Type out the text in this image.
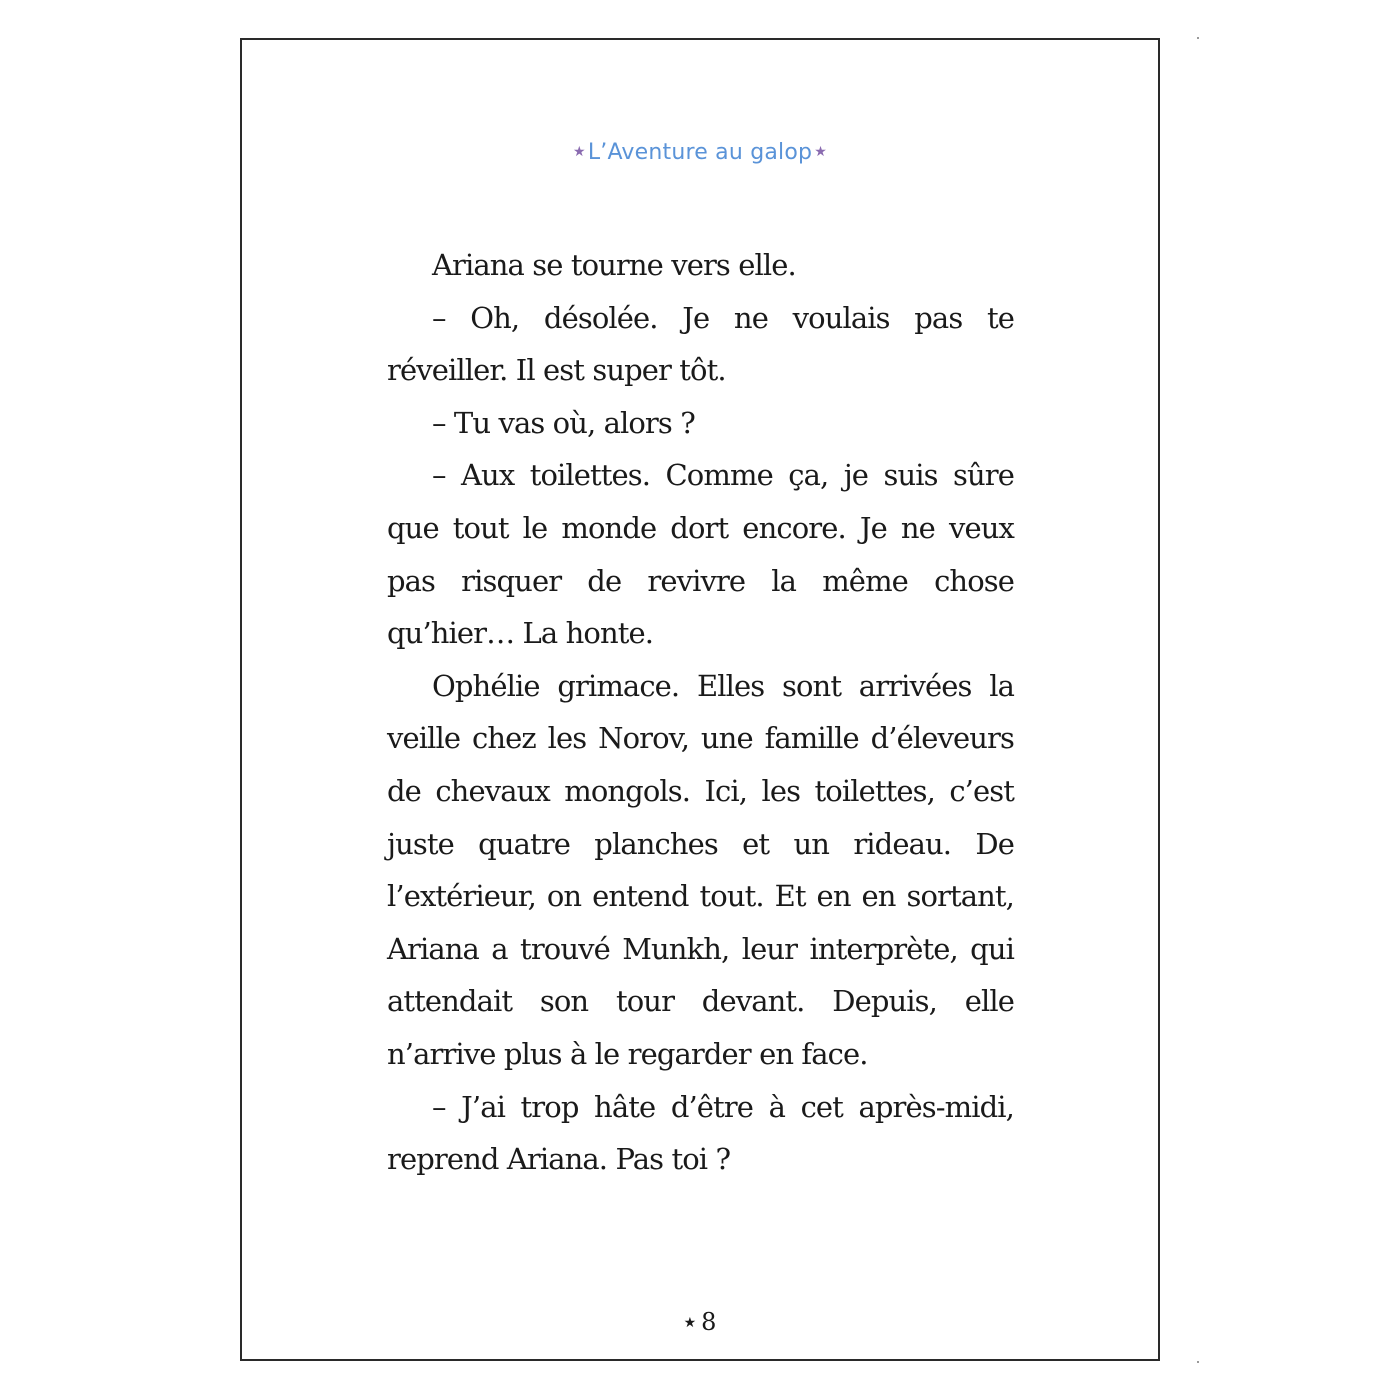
★L’Aventure au galop ★

Ariana se tourne vers elle.

– Oh, désolée. Je ne voulais pas te réveiller. Il est super tôt.

– Tu vas où, alors ?

– Aux toilettes. Comme ça, je suis sûre que tout le monde dort encore. Je ne veux pas risquer de revivre la même chose qu’hier… La honte.

Ophélie grimace. Elles sont arrivées la veille chez les Norov, une famille d’éleveurs de chevaux mongols. Ici, les toilettes, c’est juste quatre planches et un rideau. De l’extérieur, on entend tout. Et en en sortant, Ariana a trouvé Munkh, leur interprète, qui attendait son tour devant. Depuis, elle n’arrive plus à le regarder en face.

– J’ai trop hâte d’être à cet après-midi, reprend Ariana. Pas toi ?

★ 8
